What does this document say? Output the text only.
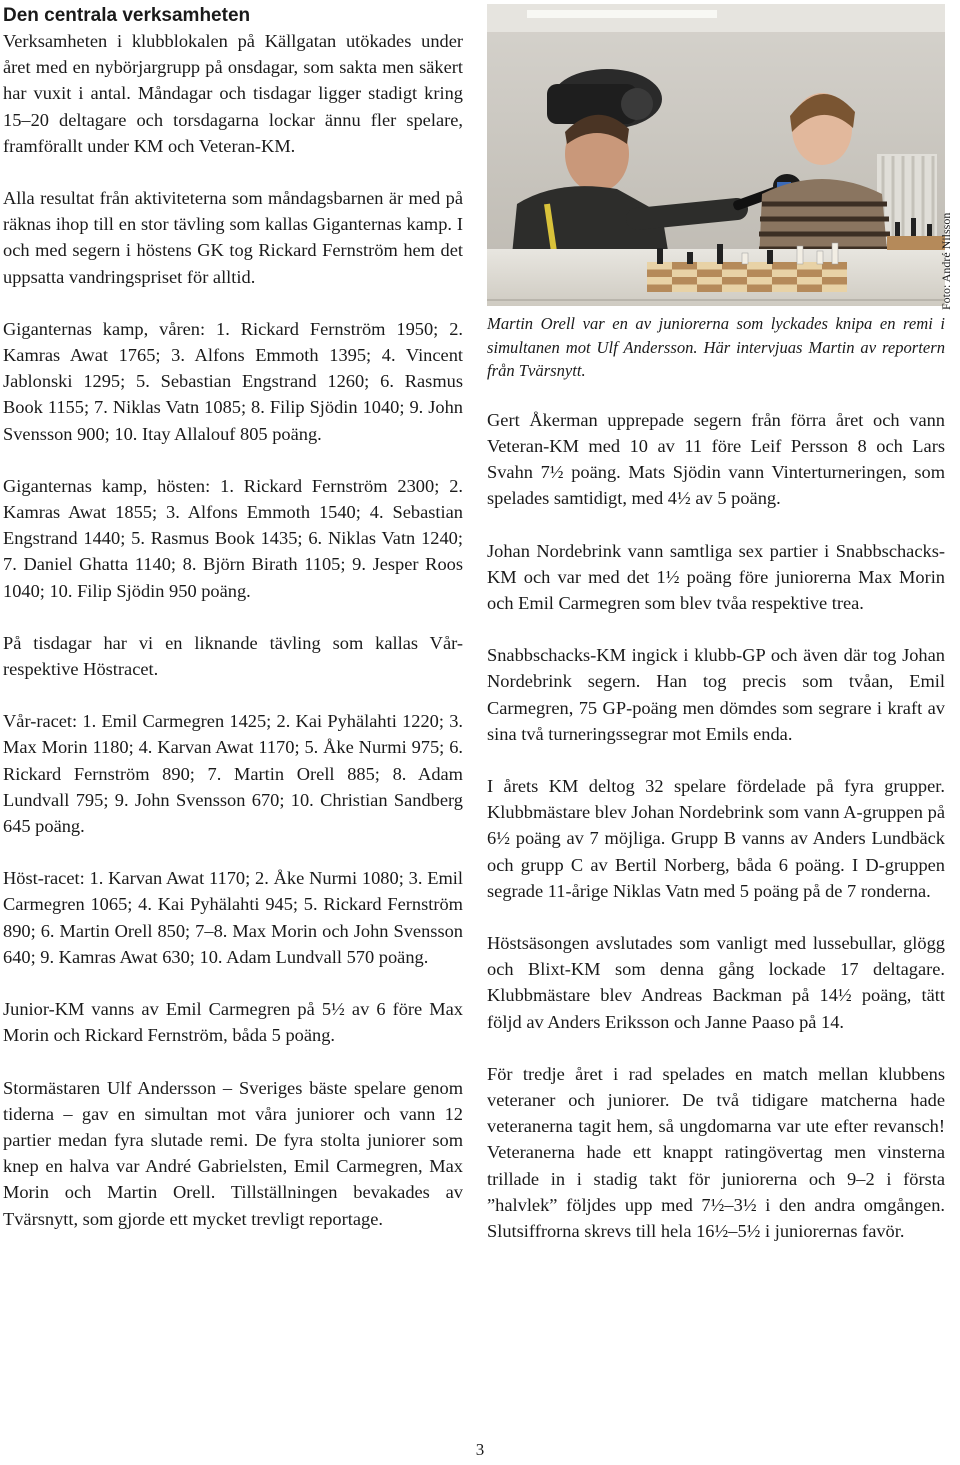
Den centrala verksamheten

Verksamheten i klubblokalen på Källgatan utökades under året med en nybörjargrupp på onsdagar, som sakta men säkert har vuxit i antal. Måndagar och tisdagar ligger stadigt kring 15–20 deltagare och torsdagarna lockar ännu fler spelare, framförallt under KM och Veteran-KM.

Alla resultat från aktiviteterna som måndagsbarnen är med på räknas ihop till en stor tävling som kallas Giganternas kamp. I och med segern i höstens GK tog Rickard Fernström hem det uppsatta vandringspriset för alltid.

Giganternas kamp, våren: 1. Rickard Fernström 1950; 2. Kamras Awat 1765; 3. Alfons Emmoth 1395; 4. Vincent Jablonski 1295; 5. Sebastian Engstrand 1260; 6. Rasmus Book 1155; 7. Niklas Vatn 1085; 8. Filip Sjödin 1040; 9. John Svensson 900; 10. Itay Allalouf 805 poäng.

Giganternas kamp, hösten: 1. Rickard Fernström 2300; 2. Kamras Awat 1855; 3. Alfons Emmoth 1540; 4. Sebastian Engstrand 1440; 5. Rasmus Book 1435; 6. Niklas Vatn 1240; 7. Daniel Ghatta 1140; 8. Björn Birath 1105; 9. Jesper Roos 1040; 10. Filip Sjödin 950 poäng.

På tisdagar har vi en liknande tävling som kallas Vår- respektive Höstracet.

Vår-racet: 1. Emil Carmegren 1425; 2. Kai Pyhälahti 1220; 3. Max Morin 1180; 4. Karvan Awat 1170; 5. Åke Nurmi 975; 6. Rickard Fernström 890; 7. Martin Orell 885; 8. Adam Lundvall 795; 9. John Svensson 670; 10. Christian Sandberg 645 poäng.

Höst-racet: 1. Karvan Awat 1170; 2. Åke Nurmi 1080; 3. Emil Carmegren 1065; 4. Kai Pyhälahti 945; 5. Rickard Fernström 890; 6. Martin Orell 850; 7–8. Max Morin och John Svensson 640; 9. Kamras Awat 630; 10. Adam Lundvall 570 poäng.

Junior-KM vanns av Emil Carmegren på 5½ av 6 före Max Morin och Rickard Fernström, båda 5 poäng.

Stormästaren Ulf Andersson – Sveriges bäste spelare genom tiderna – gav en simultan mot våra juniorer och vann 12 partier medan fyra slutade remi. De fyra stolta juniorer som knep en halva var André Gabrielsten, Emil Carmegren, Max Morin och Martin Orell. Tillställningen bevakades av Tvärsnytt, som gjorde ett mycket trevligt reportage.

Martin Orell var en av juniorerna som lyckades knipa en remi i simultanen mot Ulf Andersson. Här intervjuas Martin av reportern från Tvärsnytt.

Gert Åkerman upprepade segern från förra året och vann Veteran-KM med 10 av 11 före Leif Persson 8 och Lars Svahn 7½ poäng. Mats Sjödin vann Vinterturneringen, som spelades samtidigt, med 4½ av 5 poäng.

Johan Nordebrink vann samtliga sex partier i Snabbschacks-KM och var med det 1½ poäng före juniorerna Max Morin och Emil Carmegren som blev tvåa respektive trea.

Snabbschacks-KM ingick i klubb-GP och även där tog Johan Nordebrink segern. Han tog precis som tvåan, Emil Carmegren, 75 GP-poäng men dömdes som segrare i kraft av sina två turneringssegrar mot Emils enda.

I årets KM deltog 32 spelare fördelade på fyra grupper. Klubbmästare blev Johan Nordebrink som vann A-gruppen på 6½ poäng av 7 möjliga. Grupp B vanns av Anders Lundbäck och grupp C av Bertil Norberg, båda 6 poäng. I D-gruppen segrade 11-årige Niklas Vatn med 5 poäng på de 7 ronderna.

Höstsäsongen avslutades som vanligt med lussebullar, glögg och Blixt-KM som denna gång lockade 17 deltagare. Klubbmästare blev Andreas Backman på 14½ poäng, tätt följd av Anders Eriksson och Janne Paaso på 14.

För tredje året i rad spelades en match mellan klubbens veteraner och juniorer. De två tidigare matcherna hade veteranerna tagit hem, så ungdomarna var ute efter revansch! Veteranerna hade ett knappt ratingövertag men vinsterna trillade in i stadig takt för juniorerna och 9–2 i första ”halvlek” följdes upp med 7½–3½ i den andra omgången. Slutsiffrorna skrevs till hela 16½–5½ i juniorernas favör.

Foto: André Nilsson
3
